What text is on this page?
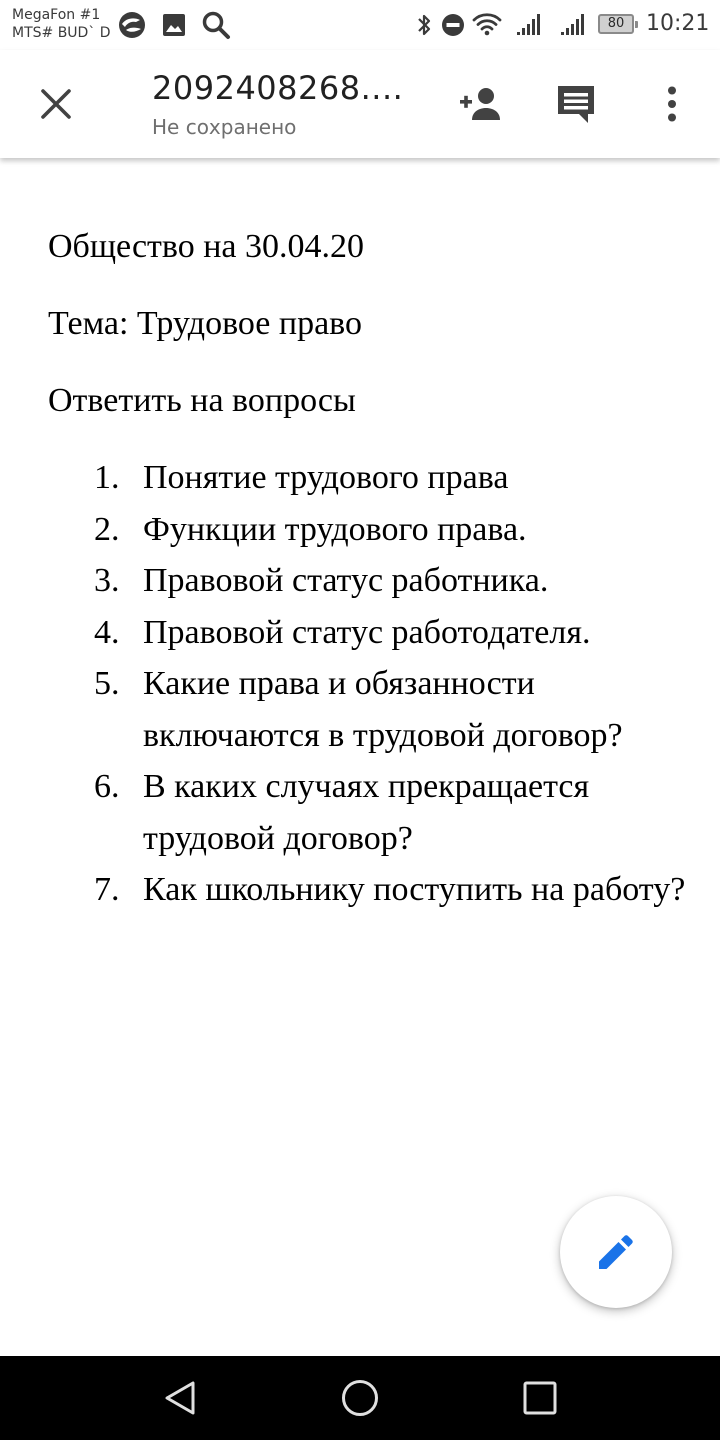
MegaFon #1
MTS# BUD` D
80 10:21
2092408268....
Не сохранено

Общество на 30.04.20

Тема: Трудовое право

Ответить на вопросы

1. Понятие трудового права
2. Функции трудового права.
3. Правовой статус работника.
4. Правовой статус работодателя.
5. Какие права и обязанности включаются в трудовой договор?
6. В каких случаях прекращается трудовой договор?
7. Как школьнику поступить на работу?
